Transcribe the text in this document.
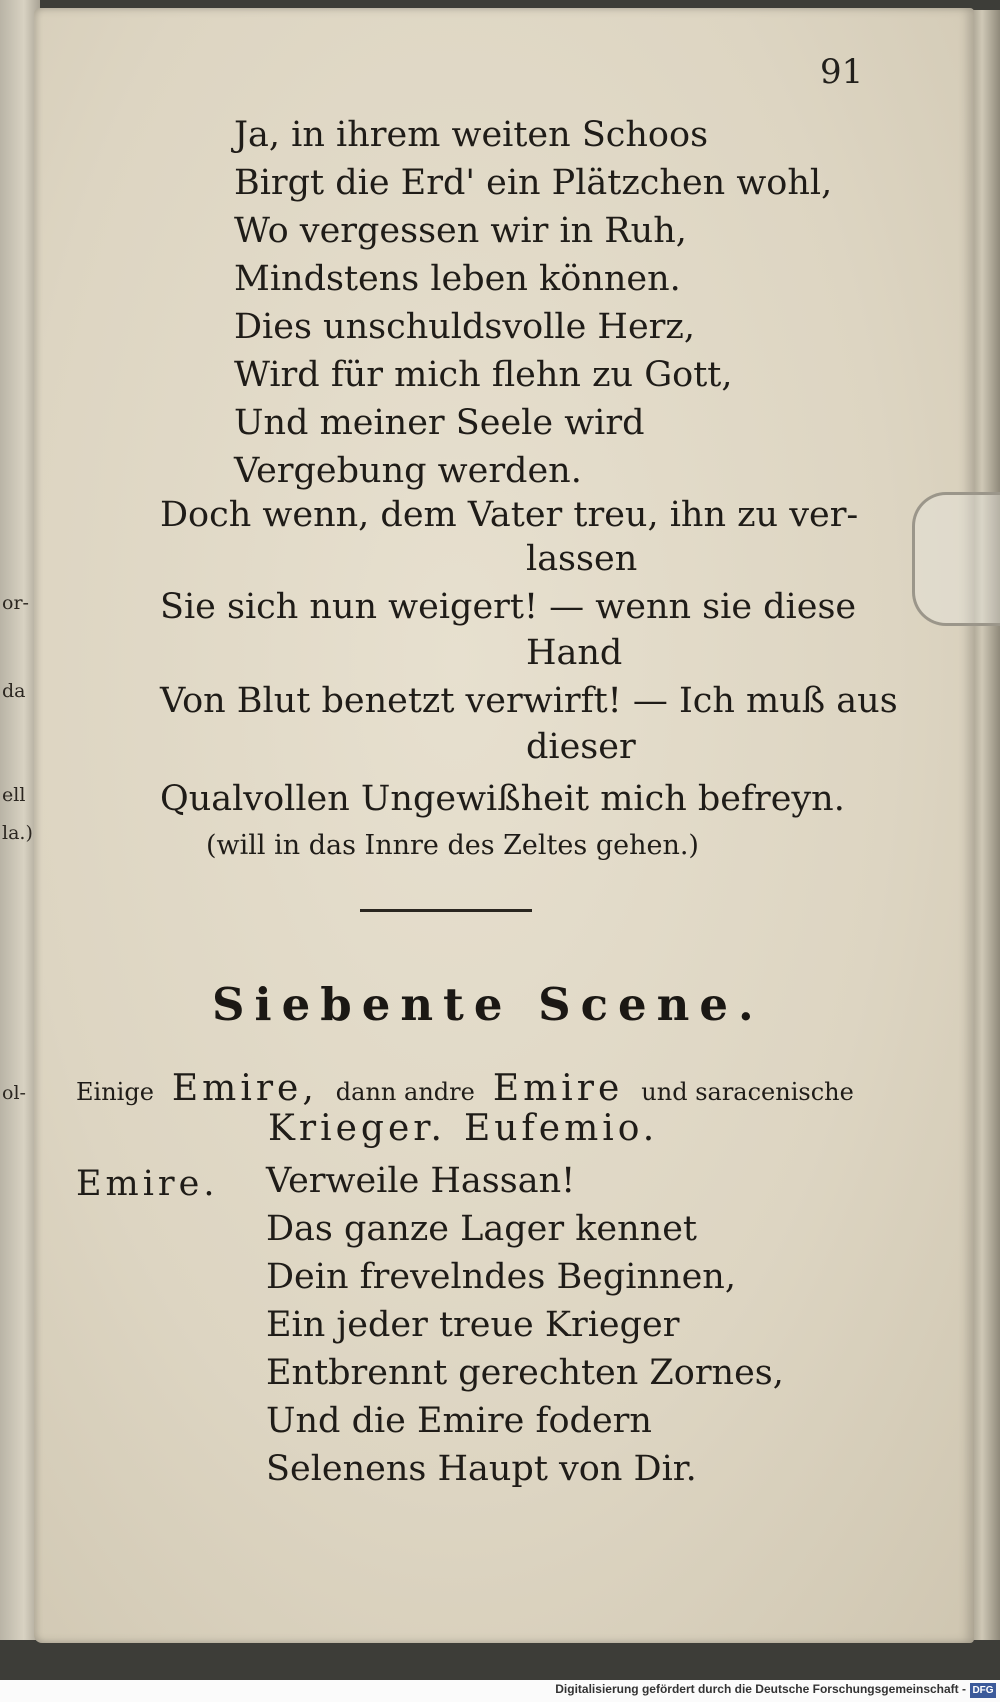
or-
da
ell
la.)
ol-
91
Ja, in ihrem weiten Schoos
Birgt die Erd' ein Plätzchen wohl,
Wo vergessen wir in Ruh,
Mindstens leben können.
Dies unschuldsvolle Herz,
Wird für mich flehn zu Gott,
Und meiner Seele wird
Vergebung werden.
Doch wenn, dem Vater treu, ihn zu ver-
lassen
Sie sich nun weigert! — wenn sie diese
Hand
Von Blut benetzt verwirft! — Ich muß aus
dieser
Qualvollen Ungewißheit mich befreyn.
(will in das Innre des Zeltes gehen.)
Siebente Scene.
Einige Emire, dann andre Emire und saracenische
Krieger. Eufemio.
Emire. Verweile Hassan!
Das ganze Lager kennet
Dein frevelndes Beginnen,
Ein jeder treue Krieger
Entbrennt gerechten Zornes,
Und die Emire fodern
Selenens Haupt von Dir.
Digitalisierung gefördert durch die Deutsche Forschungsgemeinschaft - DFG
